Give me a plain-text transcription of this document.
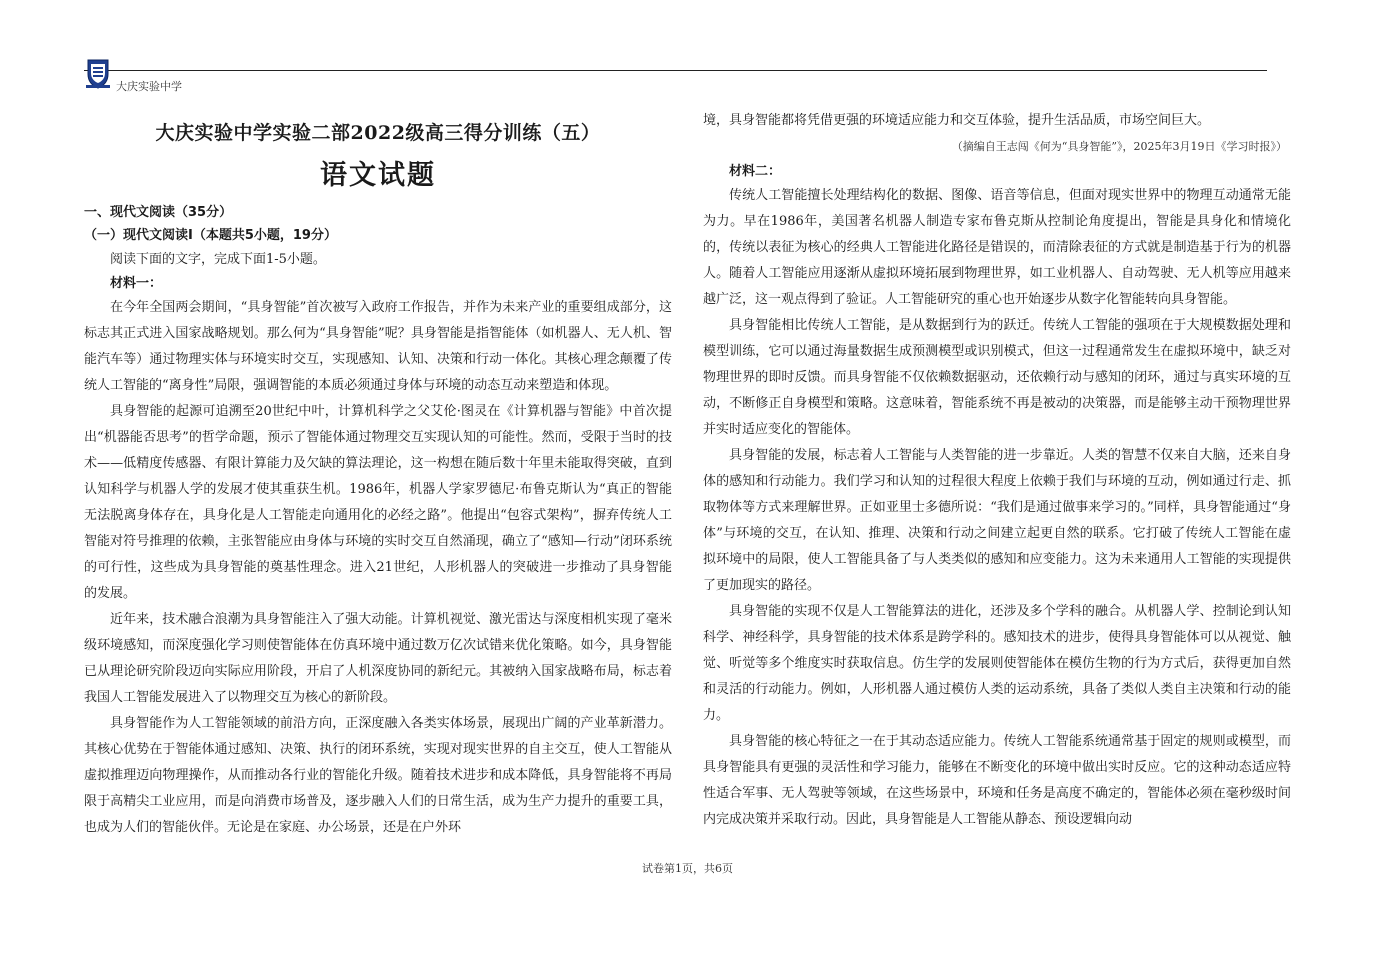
大庆实验中学
大庆实验中学实验二部2022级高三得分训练（五）
语文试题
一、现代文阅读（35分）
（一）现代文阅读Ⅰ（本题共5小题，19分）
阅读下面的文字，完成下面1-5小题。
材料一：

在今年全国两会期间，“具身智能”首次被写入政府工作报告，并作为未来产业的重要组成部分，这标志其正式进入国家战略规划。那么何为“具身智能”呢？具身智能是指智能体（如机器人、无人机、智能汽车等）通过物理实体与环境实时交互，实现感知、认知、决策和行动一体化。其核心理念颠覆了传统人工智能的“离身性”局限，强调智能的本质必须通过身体与环境的动态互动来塑造和体现。

具身智能的起源可追溯至20世纪中叶，计算机科学之父艾伦·图灵在《计算机器与智能》中首次提出“机器能否思考”的哲学命题，预示了智能体通过物理交互实现认知的可能性。然而，受限于当时的技术——低精度传感器、有限计算能力及欠缺的算法理论，这一构想在随后数十年里未能取得突破，直到认知科学与机器人学的发展才使其重获生机。1986年，机器人学家罗德尼·布鲁克斯认为“真正的智能无法脱离身体存在，具身化是人工智能走向通用化的必经之路”。他提出“包容式架构”，摒弃传统人工智能对符号推理的依赖，主张智能应由身体与环境的实时交互自然涌现，确立了“感知—行动”闭环系统的可行性，这些成为具身智能的奠基性理念。进入21世纪，人形机器人的突破进一步推动了具身智能的发展。

近年来，技术融合浪潮为具身智能注入了强大动能。计算机视觉、激光雷达与深度相机实现了毫米级环境感知，而深度强化学习则使智能体在仿真环境中通过数万亿次试错来优化策略。如今，具身智能已从理论研究阶段迈向实际应用阶段，开启了人机深度协同的新纪元。其被纳入国家战略布局，标志着我国人工智能发展进入了以物理交互为核心的新阶段。

具身智能作为人工智能领域的前沿方向，正深度融入各类实体场景，展现出广阔的产业革新潜力。其核心优势在于智能体通过感知、决策、执行的闭环系统，实现对现实世界的自主交互，使人工智能从虚拟推理迈向物理操作，从而推动各行业的智能化升级。随着技术进步和成本降低，具身智能将不再局限于高精尖工业应用，而是向消费市场普及，逐步融入人们的日常生活，成为生产力提升的重要工具，也成为人们的智能伙伴。无论是在家庭、办公场景，还是在户外环

境，具身智能都将凭借更强的环境适应能力和交互体验，提升生活品质，市场空间巨大。

（摘编自王志闯《何为“具身智能”》，2025年3月19日《学习时报》）
材料二：

传统人工智能擅长处理结构化的数据、图像、语音等信息，但面对现实世界中的物理互动通常无能为力。早在1986年，美国著名机器人制造专家布鲁克斯从控制论角度提出，智能是具身化和情境化的，传统以表征为核心的经典人工智能进化路径是错误的，而清除表征的方式就是制造基于行为的机器人。随着人工智能应用逐渐从虚拟环境拓展到物理世界，如工业机器人、自动驾驶、无人机等应用越来越广泛，这一观点得到了验证。人工智能研究的重心也开始逐步从数字化智能转向具身智能。

具身智能相比传统人工智能，是从数据到行为的跃迁。传统人工智能的强项在于大规模数据处理和模型训练，它可以通过海量数据生成预测模型或识别模式，但这一过程通常发生在虚拟环境中，缺乏对物理世界的即时反馈。而具身智能不仅依赖数据驱动，还依赖行动与感知的闭环，通过与真实环境的互动，不断修正自身模型和策略。这意味着，智能系统不再是被动的决策器，而是能够主动干预物理世界并实时适应变化的智能体。

具身智能的发展，标志着人工智能与人类智能的进一步靠近。人类的智慧不仅来自大脑，还来自身体的感知和行动能力。我们学习和认知的过程很大程度上依赖于我们与环境的互动，例如通过行走、抓取物体等方式来理解世界。正如亚里士多德所说：“我们是通过做事来学习的。”同样，具身智能通过“身体”与环境的交互，在认知、推理、决策和行动之间建立起更自然的联系。它打破了传统人工智能在虚拟环境中的局限，使人工智能具备了与人类类似的感知和应变能力。这为未来通用人工智能的实现提供了更加现实的路径。

具身智能的实现不仅是人工智能算法的进化，还涉及多个学科的融合。从机器人学、控制论到认知科学、神经科学，具身智能的技术体系是跨学科的。感知技术的进步，使得具身智能体可以从视觉、触觉、听觉等多个维度实时获取信息。仿生学的发展则使智能体在模仿生物的行为方式后，获得更加自然和灵活的行动能力。例如，人形机器人通过模仿人类的运动系统，具备了类似人类自主决策和行动的能力。

具身智能的核心特征之一在于其动态适应能力。传统人工智能系统通常基于固定的规则或模型，而具身智能具有更强的灵活性和学习能力，能够在不断变化的环境中做出实时反应。它的这种动态适应特性适合军事、无人驾驶等领域，在这些场景中，环境和任务是高度不确定的，智能体必须在毫秒级时间内完成决策并采取行动。因此，具身智能是人工智能从静态、预设逻辑向动

试卷第1页，共6页
